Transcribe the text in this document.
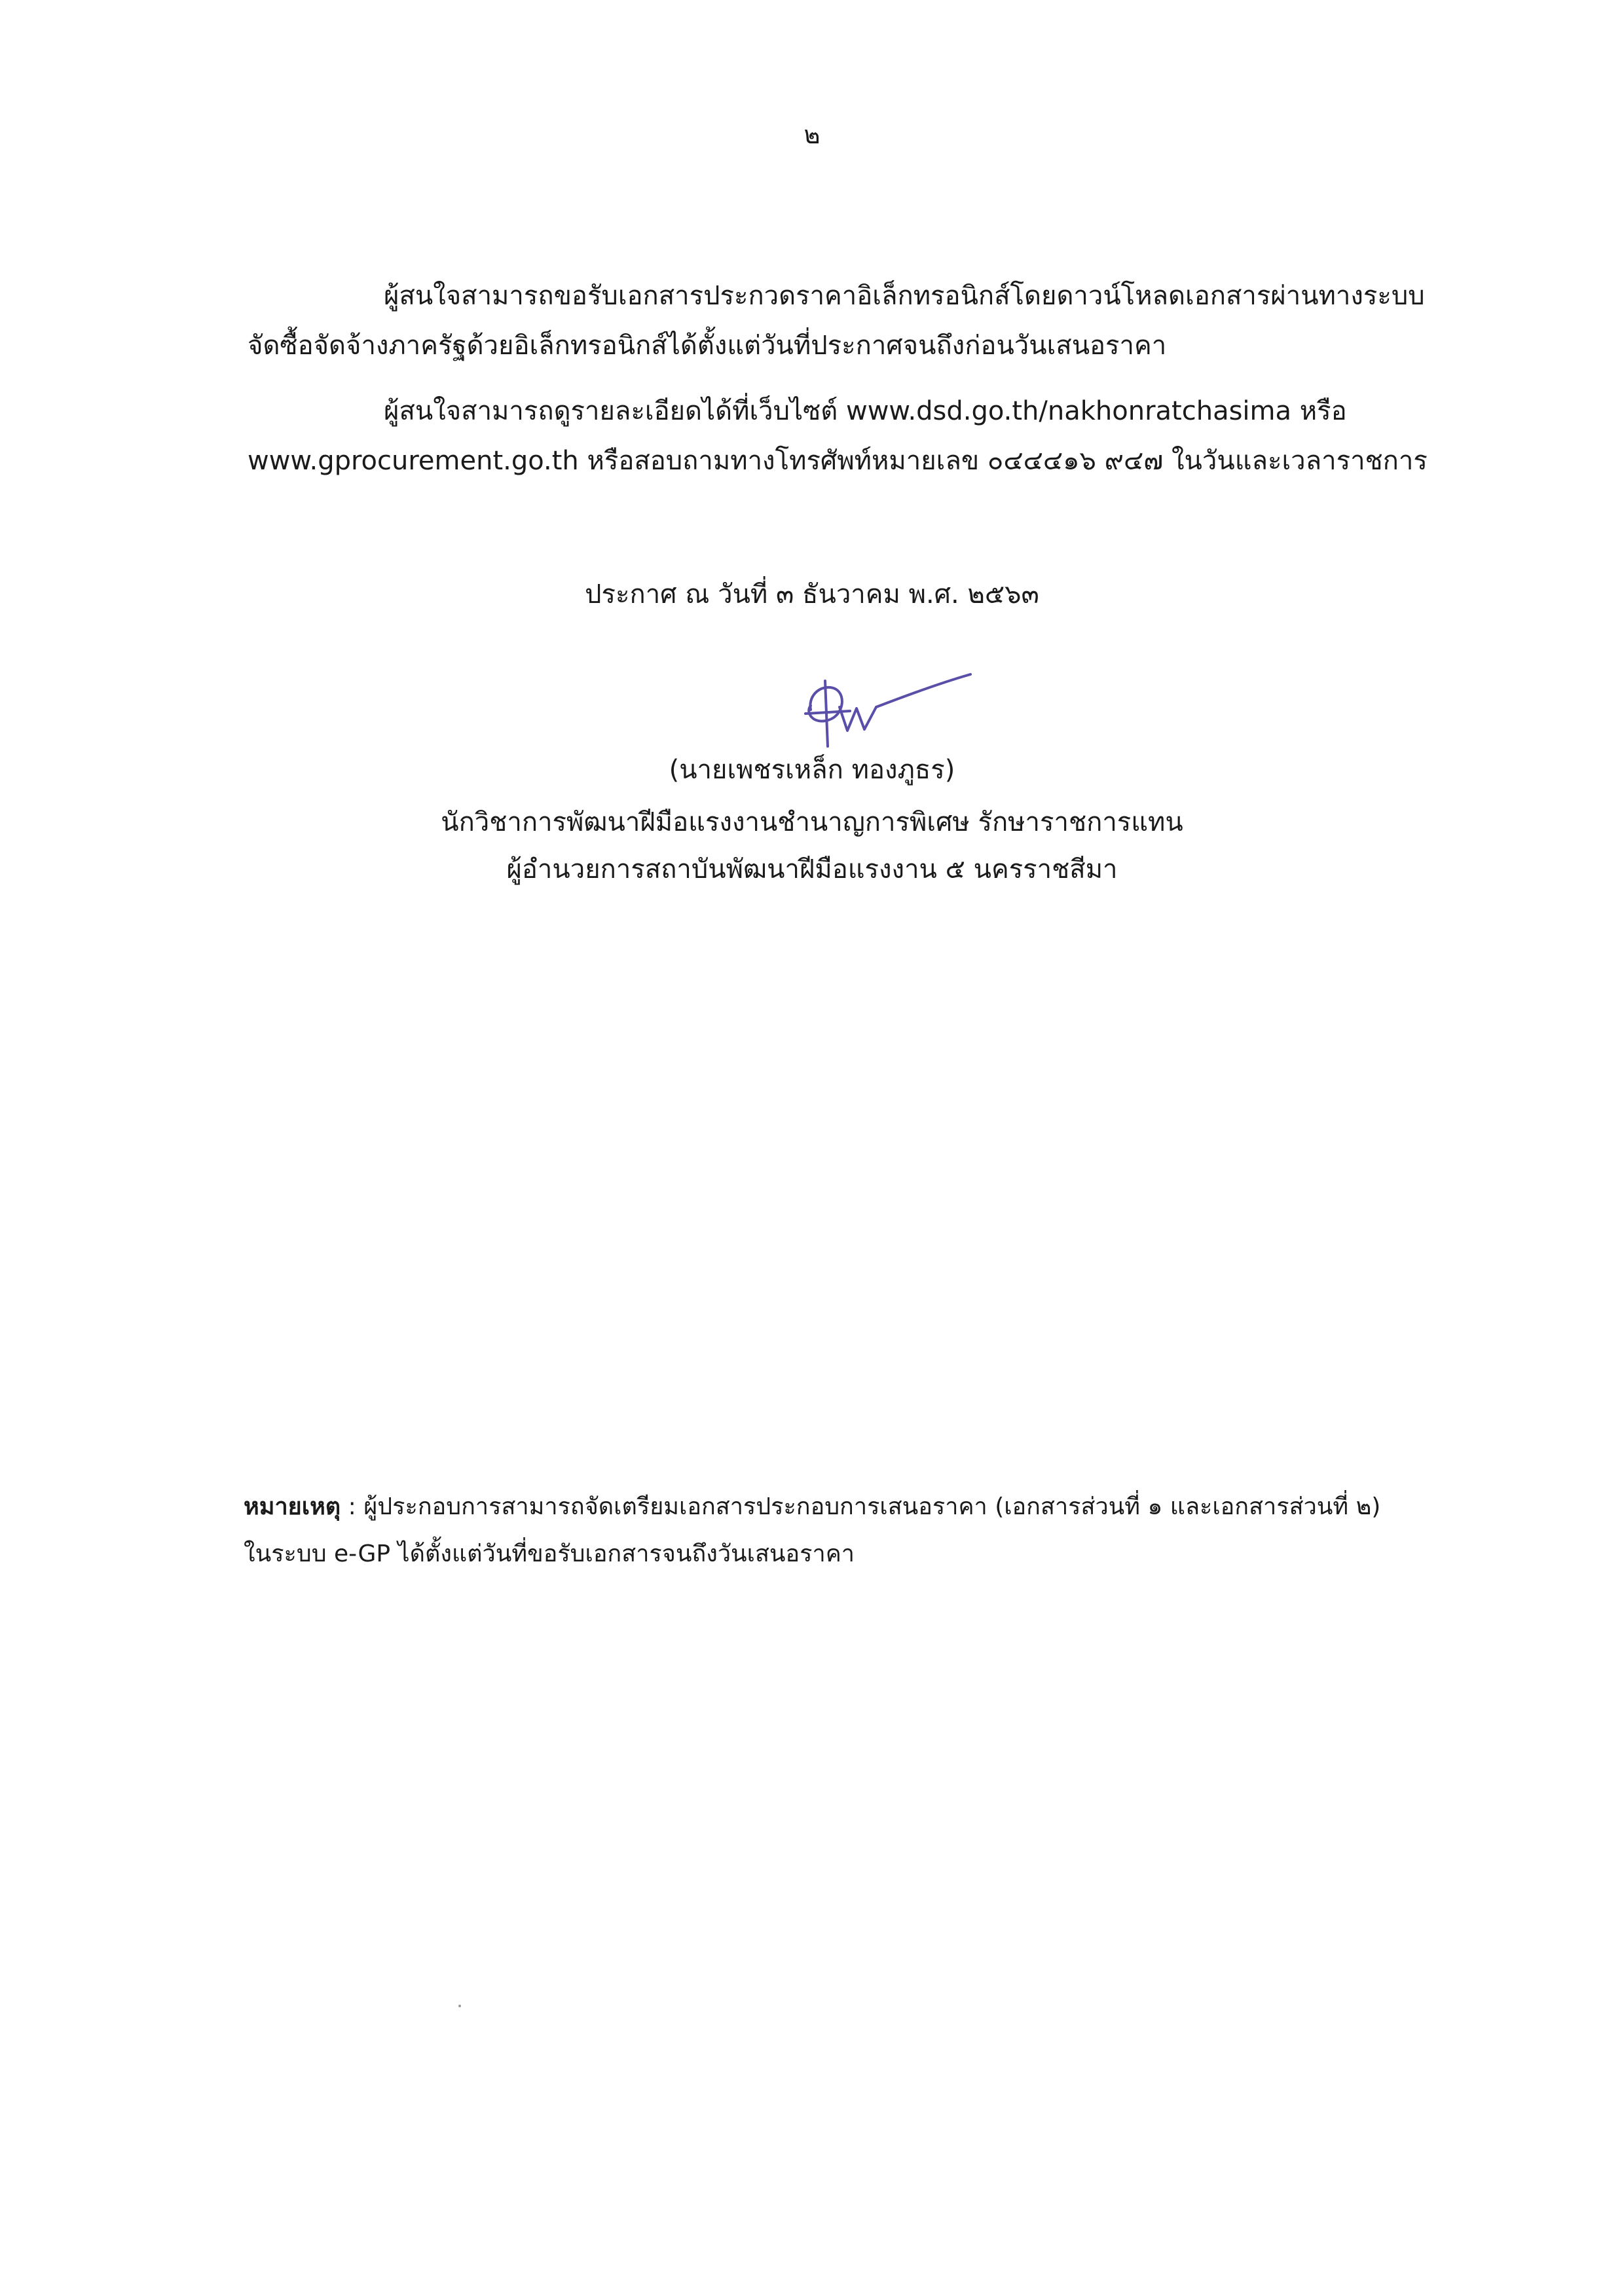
๒
ผู้สนใจสามารถขอรับเอกสารประกวดราคาอิเล็กทรอนิกส์โดยดาวน์โหลดเอกสารผ่านทางระบบ
จัดซื้อจัดจ้างภาครัฐด้วยอิเล็กทรอนิกส์ได้ตั้งแต่วันที่ประกาศจนถึงก่อนวันเสนอราคา
ผู้สนใจสามารถดูรายละเอียดได้ที่เว็บไซต์ www.dsd.go.th/nakhonratchasima หรือ
www.gprocurement.go.th หรือสอบถามทางโทรศัพท์หมายเลข ๐๔๔๔๑๖ ๙๔๗ ในวันและเวลาราชการ
ประกาศ ณ วันที่ ๓ ธันวาคม พ.ศ. ๒๕๖๓
(นายเพชรเหล็ก ทองภูธร)
นักวิชาการพัฒนาฝีมือแรงงานชำนาญการพิเศษ รักษาราชการแทน
ผู้อำนวยการสถาบันพัฒนาฝีมือแรงงาน ๕ นครราชสีมา
หมายเหตุ : ผู้ประกอบการสามารถจัดเตรียมเอกสารประกอบการเสนอราคา (เอกสารส่วนที่ ๑ และเอกสารส่วนที่ ๒)
ในระบบ e-GP ได้ตั้งแต่วันที่ขอรับเอกสารจนถึงวันเสนอราคา
